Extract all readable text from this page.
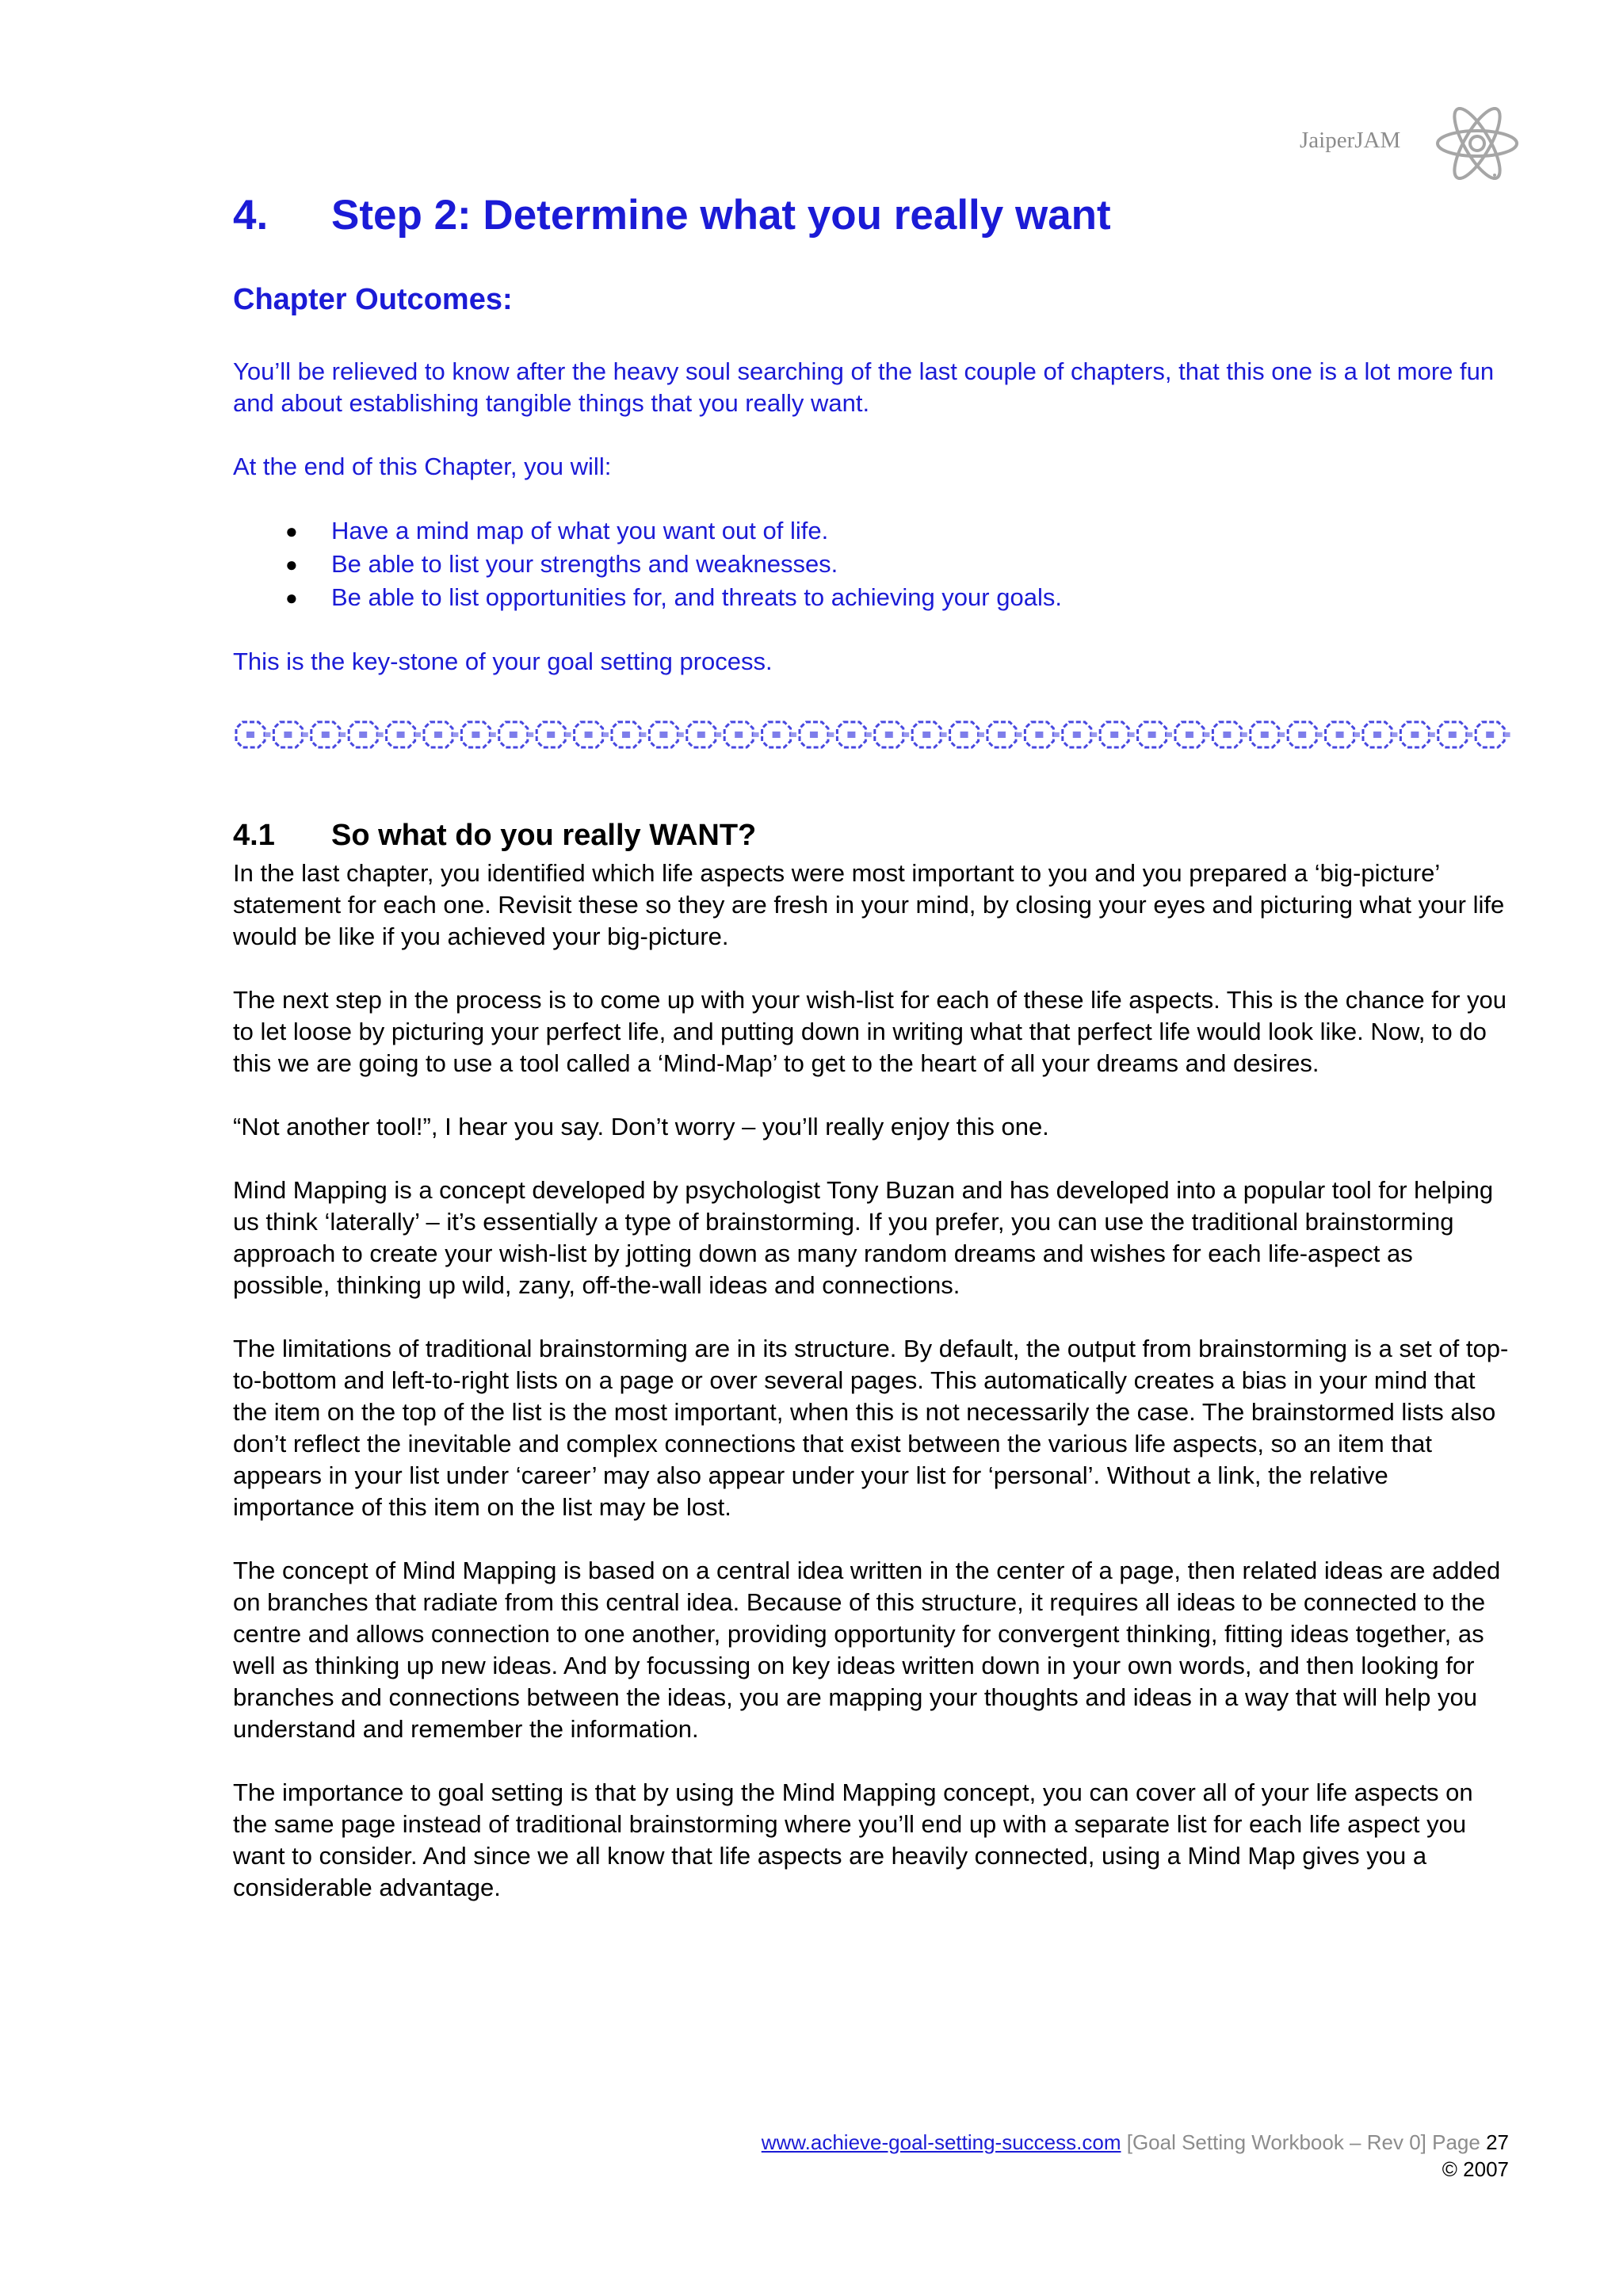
JaiperJAM
4.	Step 2: Determine what you really want
Chapter Outcomes:

You’ll be relieved to know after the heavy soul searching of the last couple of chapters, that this one is a lot more fun and about establishing tangible things that you really want.

At the end of this Chapter, you will:

● Have a mind map of what you want out of life.
● Be able to list your strengths and weaknesses.
● Be able to list opportunities for, and threats to achieving your goals.

This is the key-stone of your goal setting process.

4.1	So what do you really WANT?

In the last chapter, you identified which life aspects were most important to you and you prepared a ‘big-picture’ statement for each one. Revisit these so they are fresh in your mind, by closing your eyes and picturing what your life would be like if you achieved your big-picture.

The next step in the process is to come up with your wish-list for each of these life aspects. This is the chance for you to let loose by picturing your perfect life, and putting down in writing what that perfect life would look like. Now, to do this we are going to use a tool called a ‘Mind-Map’ to get to the heart of all your dreams and desires.

“Not another tool!”, I hear you say. Don’t worry – you’ll really enjoy this one.

Mind Mapping is a concept developed by psychologist Tony Buzan and has developed into a popular tool for helping us think ‘laterally’ – it’s essentially a type of brainstorming. If you prefer, you can use the traditional brainstorming approach to create your wish-list by jotting down as many random dreams and wishes for each life-aspect as possible, thinking up wild, zany, off-the-wall ideas and connections.

The limitations of traditional brainstorming are in its structure. By default, the output from brainstorming is a set of top-to-bottom and left-to-right lists on a page or over several pages. This automatically creates a bias in your mind that the item on the top of the list is the most important, when this is not necessarily the case. The brainstormed lists also don’t reflect the inevitable and complex connections that exist between the various life aspects, so an item that appears in your list under ‘career’ may also appear under your list for ‘personal’. Without a link, the relative importance of this item on the list may be lost.

The concept of Mind Mapping is based on a central idea written in the center of a page, then related ideas are added on branches that radiate from this central idea. Because of this structure, it requires all ideas to be connected to the centre and allows connection to one another, providing opportunity for convergent thinking, fitting ideas together, as well as thinking up new ideas. And by focussing on key ideas written down in your own words, and then looking for branches and connections between the ideas, you are mapping your thoughts and ideas in a way that will help you understand and remember the information.

The importance to goal setting is that by using the Mind Mapping concept, you can cover all of your life aspects on the same page instead of traditional brainstorming where you’ll end up with a separate list for each life aspect you want to consider. And since we all know that life aspects are heavily connected, using a Mind Map gives you a considerable advantage.

www.achieve-goal-setting-success.com [Goal Setting Workbook – Rev 0] Page 27
© 2007
